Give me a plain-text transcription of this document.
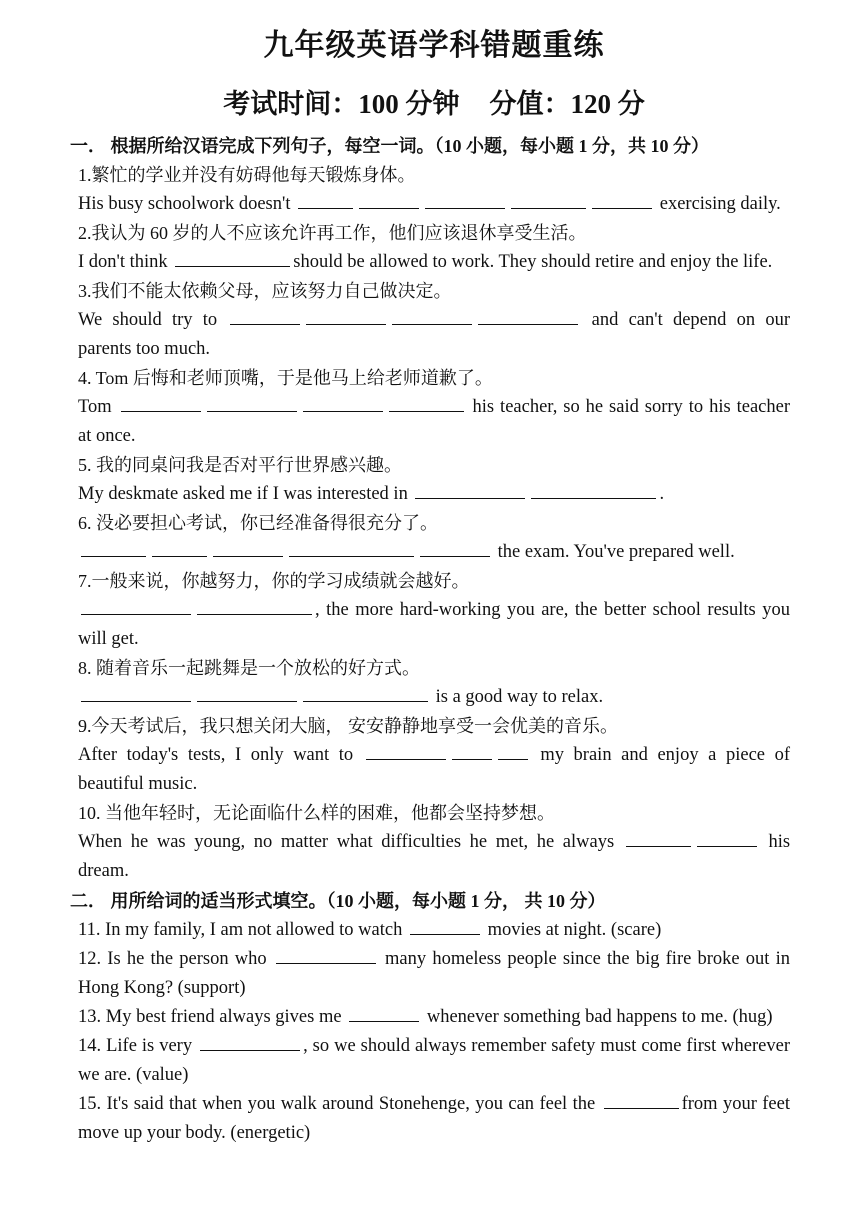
九年级英语学科错题重练
考试时间：100 分钟 分值：120 分
一． 根据所给汉语完成下列句子，每空一词。（10 小题，每小题 1 分，共 10 分）
1.繁忙的学业并没有妨碍他每天锻炼身体。
His busy schoolwork doesn't	exercising daily.
2.我认为 60 岁的人不应该允许再工作，他们应该退休享受生活。
I don't think	should be allowed to work. They should retire and enjoy the life.
3.我们不能太依赖父母，应该努力自己做决定。
We should try to	and can't depend on our parents too much.
4. Tom 后悔和老师顶嘴，于是他马上给老师道歉了。
Tom	his teacher, so he said sorry to his teacher at once.
5. 我的同桌问我是否对平行世界感兴趣。
My deskmate asked me if I was interested in	.
6. 没必要担心考试，你已经准备得很充分了。
the exam. You've prepared well.
7.一般来说，你越努力，你的学习成绩就会越好。
, the more hard-working you are, the better school results you will get.
8. 随着音乐一起跳舞是一个放松的好方式。
is a good way to relax.
9.今天考试后，我只想关闭大脑， 安安静静地享受一会优美的音乐。
After today's tests, I only want to	my brain and enjoy a piece of beautiful music.
10. 当他年轻时，无论面临什么样的困难，他都会坚持梦想。
When he was young, no matter what difficulties he met, he always	his dream.
二． 用所给词的适当形式填空。（10 小题，每小题 1 分， 共 10 分）
11. In my family, I am not allowed to watch	movies at night. (scare)
12. Is he the person who	many homeless people since the big fire broke out in Hong Kong? (support)
13. My best friend always gives me	whenever something bad happens to me. (hug)
14. Life is very	, so we should always remember safety must come first wherever we are. (value)
15. It's said that when you walk around Stonehenge, you can feel the	from your feet move up your body. (energetic)
